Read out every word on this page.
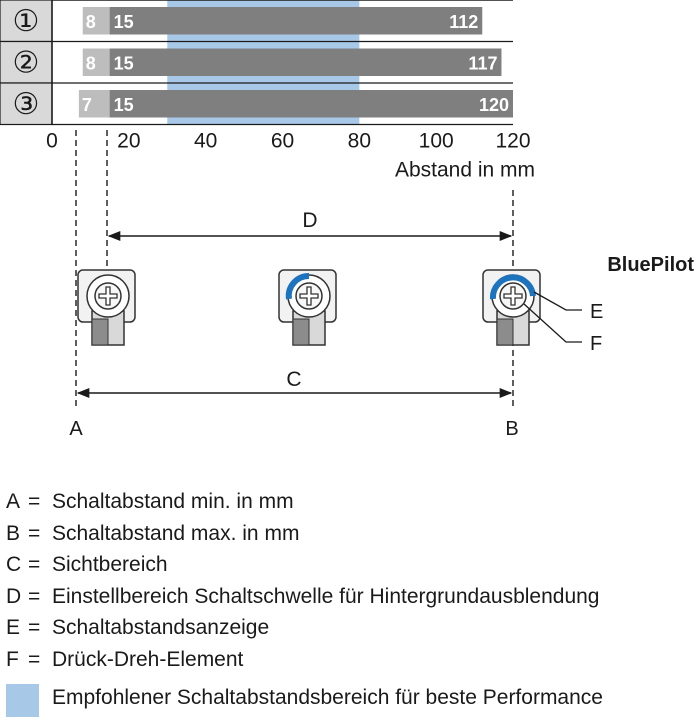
①	8 15	112
②	8 15	117
③ 7 15	120
0	20	40	60	80 100 120
Abstand in mm
D
C
A	B
BluePilot
E
F
A = Schaltabstand min. in mm
B = Schaltabstand max. in mm
C = Sichtbereich
D = Einstellbereich Schaltschwelle für Hintergrundausblendung
E = Schaltabstandsanzeige
F = Drück-Dreh-Element
Empfohlener Schaltabstandsbereich für beste Performance
